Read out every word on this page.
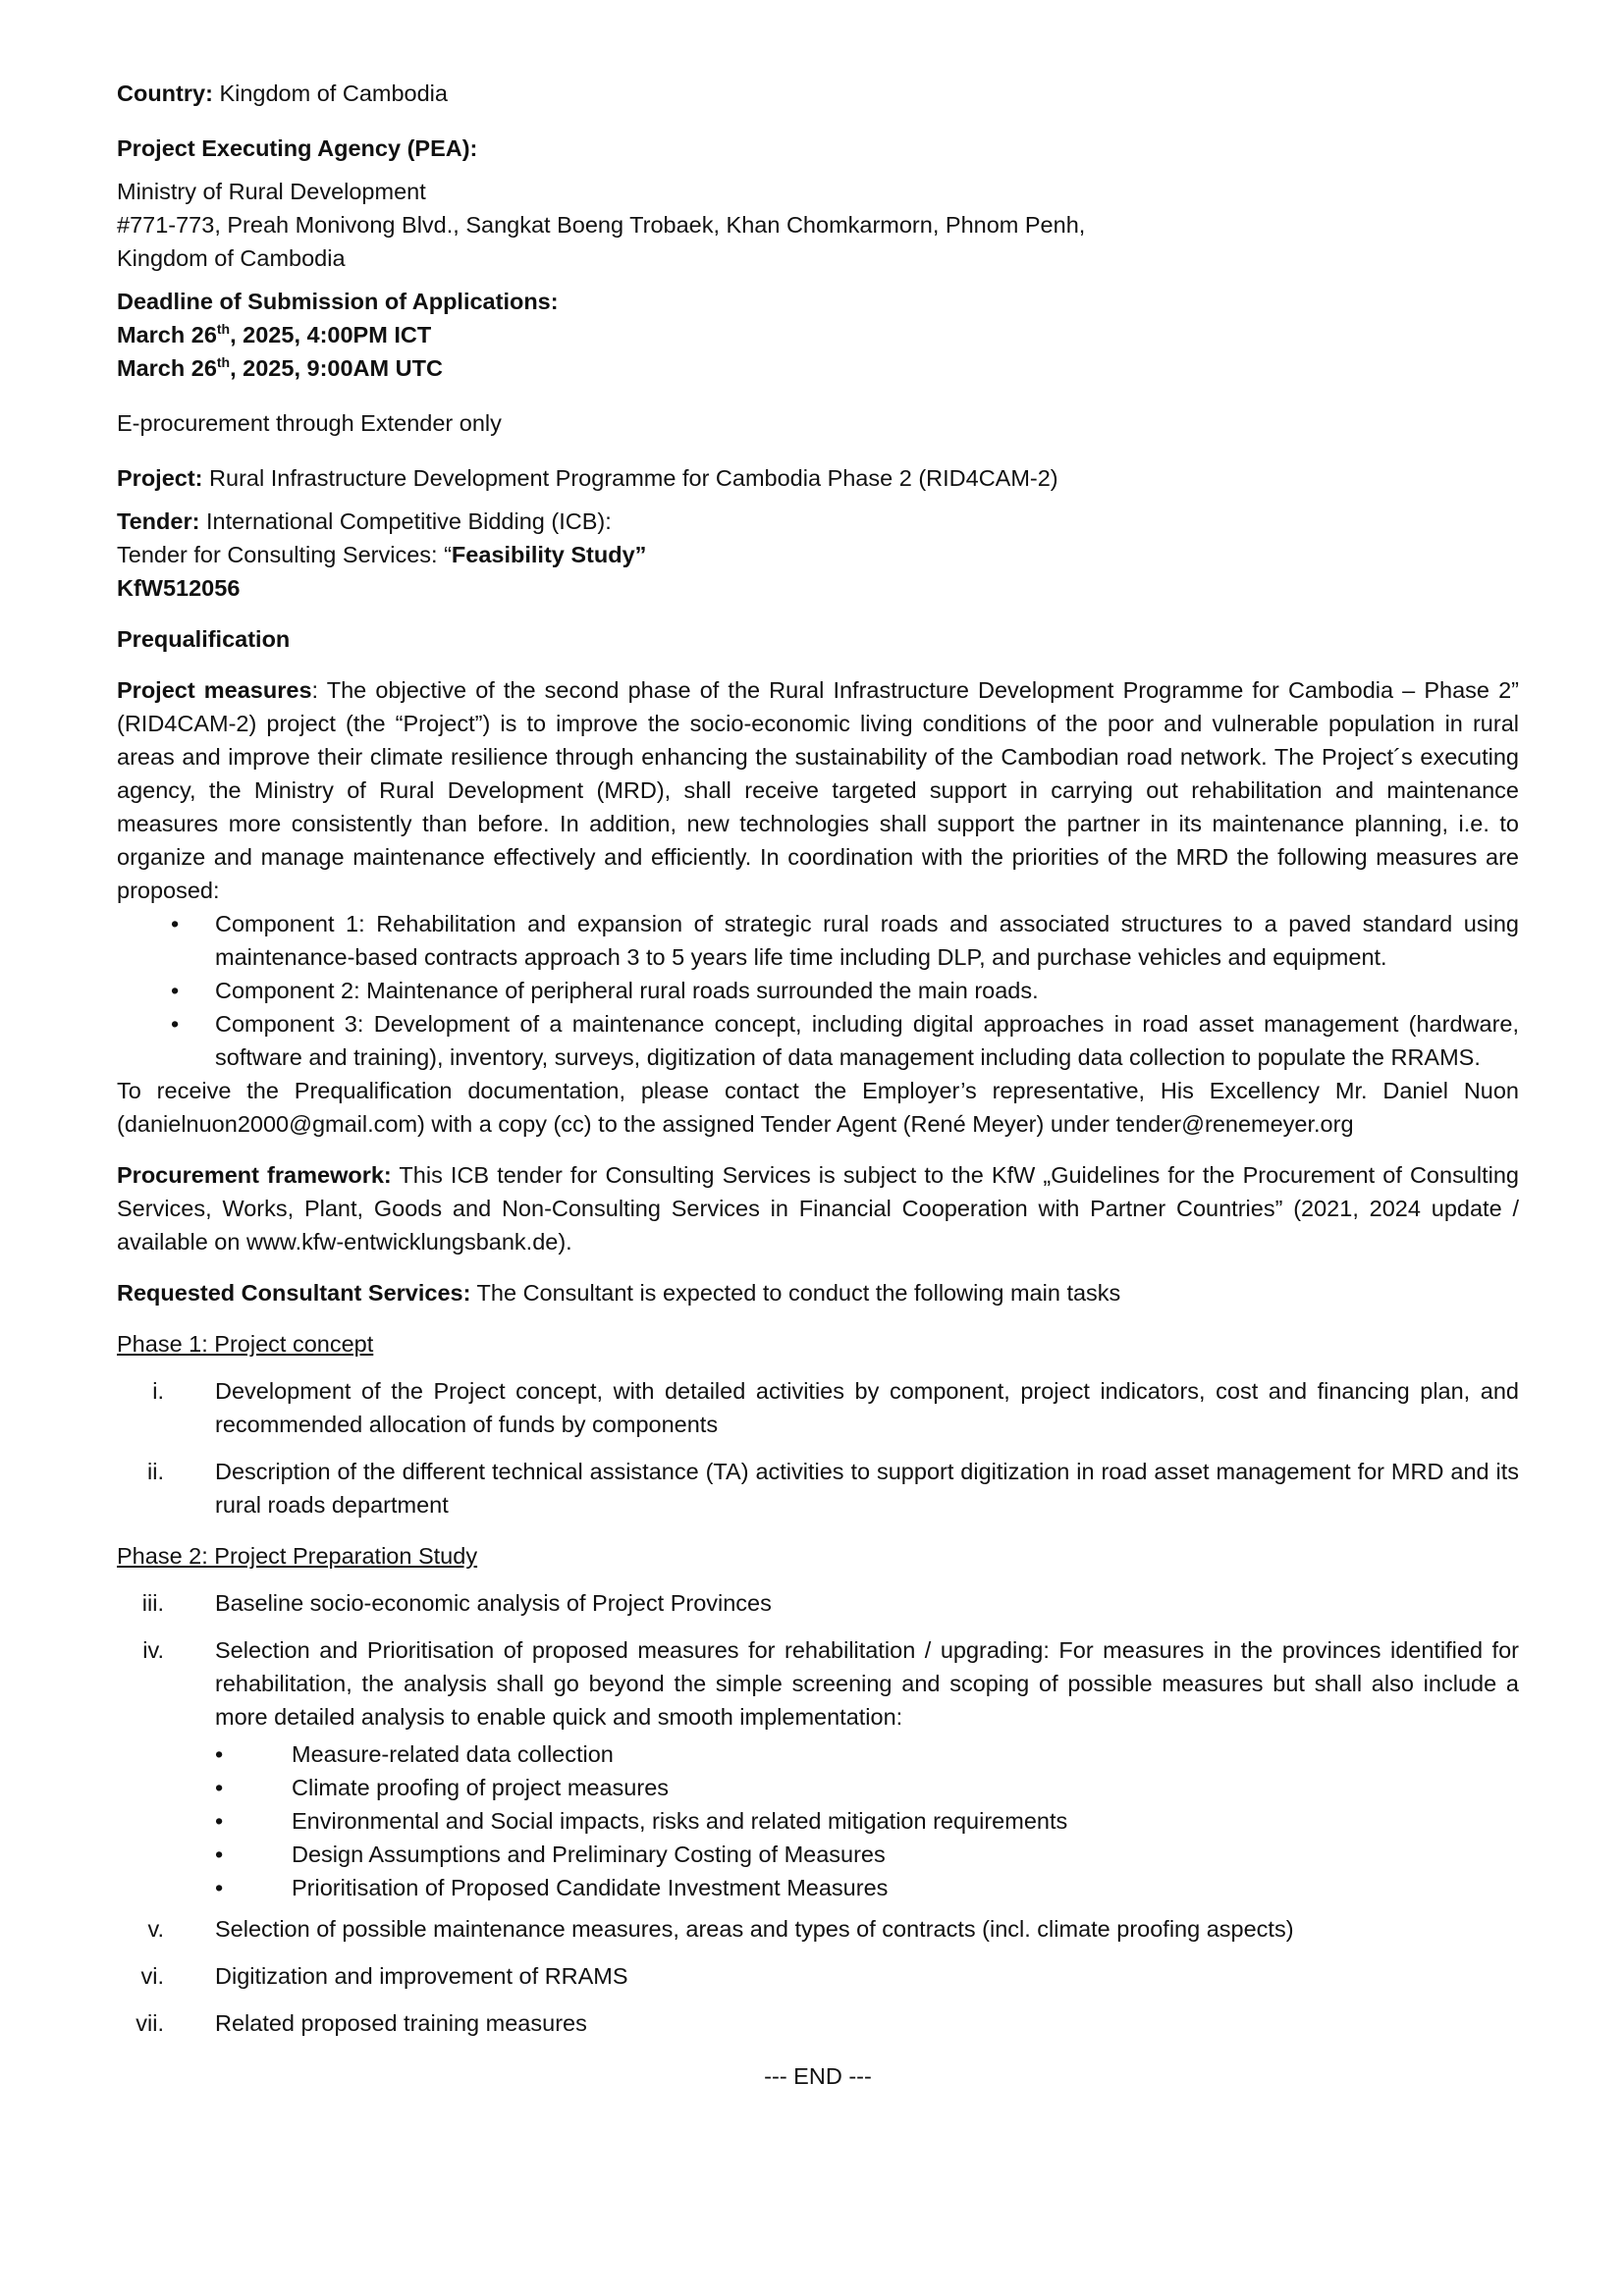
Country: Kingdom of Cambodia

Project Executing Agency (PEA):

Ministry of Rural Development

#771-773, Preah Monivong Blvd., Sangkat Boeng Trobaek, Khan Chomkarmorn, Phnom Penh,

Kingdom of Cambodia

Deadline of Submission of Applications:

March 26th, 2025, 4:00PM ICT

March 26th, 2025, 9:00AM UTC

E-procurement through Extender only

Project: Rural Infrastructure Development Programme for Cambodia Phase 2 (RID4CAM-2)

Tender: International Competitive Bidding (ICB):

Tender for Consulting Services: “Feasibility Study”

KfW512056

Prequalification

Project measures: The objective of the second phase of the Rural Infrastructure Development Programme for Cambodia – Phase 2” (RID4CAM-2) project (the “Project”) is to improve the socio-economic living conditions of the poor and vulnerable population in rural areas and improve their climate resilience through enhancing the sustainability of the Cambodian road network. The Project´s executing agency, the Ministry of Rural Development (MRD), shall receive targeted support in carrying out rehabilitation and maintenance measures more consistently than before. In addition, new technologies shall support the partner in its maintenance planning, i.e. to organize and manage maintenance effectively and efficiently. In coordination with the priorities of the MRD the following measures are proposed:

• Component 1: Rehabilitation and expansion of strategic rural roads and associated structures to a paved standard using maintenance-based contracts approach 3 to 5 years life time including DLP, and purchase vehicles and equipment.
• Component 2: Maintenance of peripheral rural roads surrounded the main roads.
• Component 3: Development of a maintenance concept, including digital approaches in road asset management (hardware, software and training), inventory, surveys, digitization of data management including data collection to populate the RRAMS.

To receive the Prequalification documentation, please contact the Employer’s representative, His Excellency Mr. Daniel Nuon (danielnuon2000@gmail.com) with a copy (cc) to the assigned Tender Agent (René Meyer) under tender@renemeyer.org

Procurement framework: This ICB tender for Consulting Services is subject to the KfW „Guidelines for the Procurement of Consulting Services, Works, Plant, Goods and Non-Consulting Services in Financial Cooperation with Partner Countries” (2021, 2024 update / available on www.kfw-entwicklungsbank.de).

Requested Consultant Services: The Consultant is expected to conduct the following main tasks

Phase 1: Project concept

i. Development of the Project concept, with detailed activities by component, project indicators, cost and financing plan, and recommended allocation of funds by components
ii. Description of the different technical assistance (TA) activities to support digitization in road asset management for MRD and its rural roads department

Phase 2: Project Preparation Study

iii. Baseline socio-economic analysis of Project Provinces
iv. Selection and Prioritisation of proposed measures for rehabilitation / upgrading: For measures in the provinces identified for rehabilitation, the analysis shall go beyond the simple screening and scoping of possible measures but shall also include a more detailed analysis to enable quick and smooth implementation:
•	Measure-related data collection
•	Climate proofing of project measures
•	Environmental and Social impacts, risks and related mitigation requirements
•	Design Assumptions and Preliminary Costing of Measures
•	Prioritisation of Proposed Candidate Investment Measures
v. Selection of possible maintenance measures, areas and types of contracts (incl. climate proofing aspects)
vi. Digitization and improvement of RRAMS
vii. Related proposed training measures

--- END ---
